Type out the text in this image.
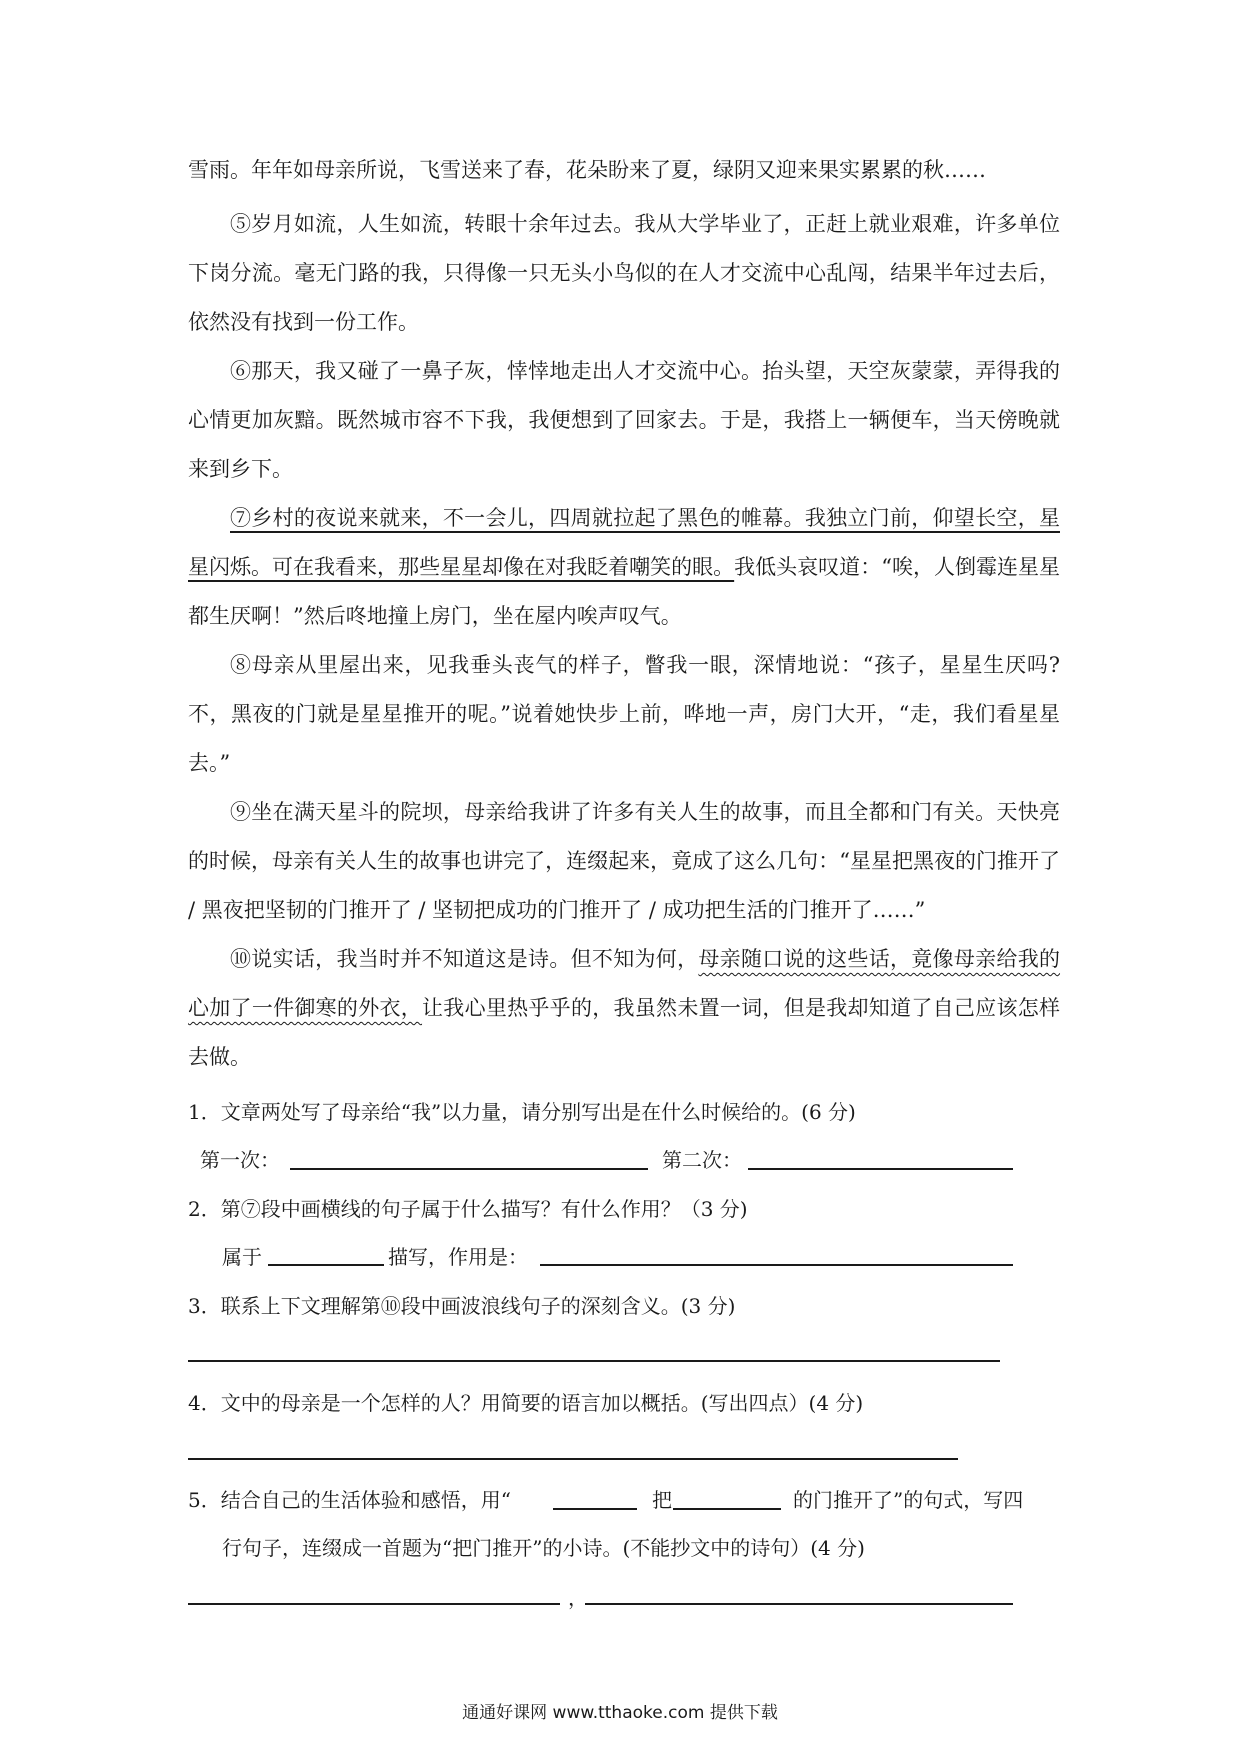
雪雨。年年如母亲所说，飞雪送来了春，花朵盼来了夏，绿阴又迎来果实累累的秋……

⑤岁月如流，人生如流，转眼十余年过去。我从大学毕业了，正赶上就业艰难，许多单位下岗分流。毫无门路的我，只得像一只无头小鸟似的在人才交流中心乱闯，结果半年过去后，依然没有找到一份工作。

⑥那天，我又碰了一鼻子灰，悻悻地走出人才交流中心。抬头望，天空灰蒙蒙，弄得我的心情更加灰黯。既然城市容不下我，我便想到了回家去。于是，我搭上一辆便车，当天傍晚就来到乡下。

⑦乡村的夜说来就来，不一会儿，四周就拉起了黑色的帷幕。我独立门前，仰望长空，星星闪烁。可在我看来，那些星星却像在对我眨着嘲笑的眼。我低头哀叹道：“唉，人倒霉连星星都生厌啊！”然后咚地撞上房门，坐在屋内唉声叹气。

⑧母亲从里屋出来，见我垂头丧气的样子，瞥我一眼，深情地说：“孩子，星星生厌吗?不，黑夜的门就是星星推开的呢。”说着她快步上前，哗地一声，房门大开，“走，我们看星星去。”

⑨坐在满天星斗的院坝，母亲给我讲了许多有关人生的故事，而且全都和门有关。天快亮的时候，母亲有关人生的故事也讲完了，连缀起来，竟成了这么几句：“星星把黑夜的门推开了 / 黑夜把坚韧的门推开了 / 坚韧把成功的门推开了 / 成功把生活的门推开了……”

⑩说实话，我当时并不知道这是诗。但不知为何，母亲随口说的这些话，竟像母亲给我的心加了一件御寒的外衣，让我心里热乎乎的，我虽然未置一词，但是我却知道了自己应该怎样去做。

1．文章两处写了母亲给“我”以力量，请分别写出是在什么时候给的。(6 分)

第一次：	第二次：

2．第⑦段中画横线的句子属于什么描写？有什么作用？（3 分)

属于	描写，作用是：

3．联系上下文理解第⑩段中画波浪线句子的深刻含义。(3 分)

4．文中的母亲是一个怎样的人？用简要的语言加以概括。(写出四点）(4 分)

5．结合自己的生活体验和感悟，用“	把	的门推开了”的句式，写四

行句子，连缀成一首题为“把门推开”的小诗。(不能抄文中的诗句）(4 分)

，
通通好课网 www.tthaoke.com 提供下载
